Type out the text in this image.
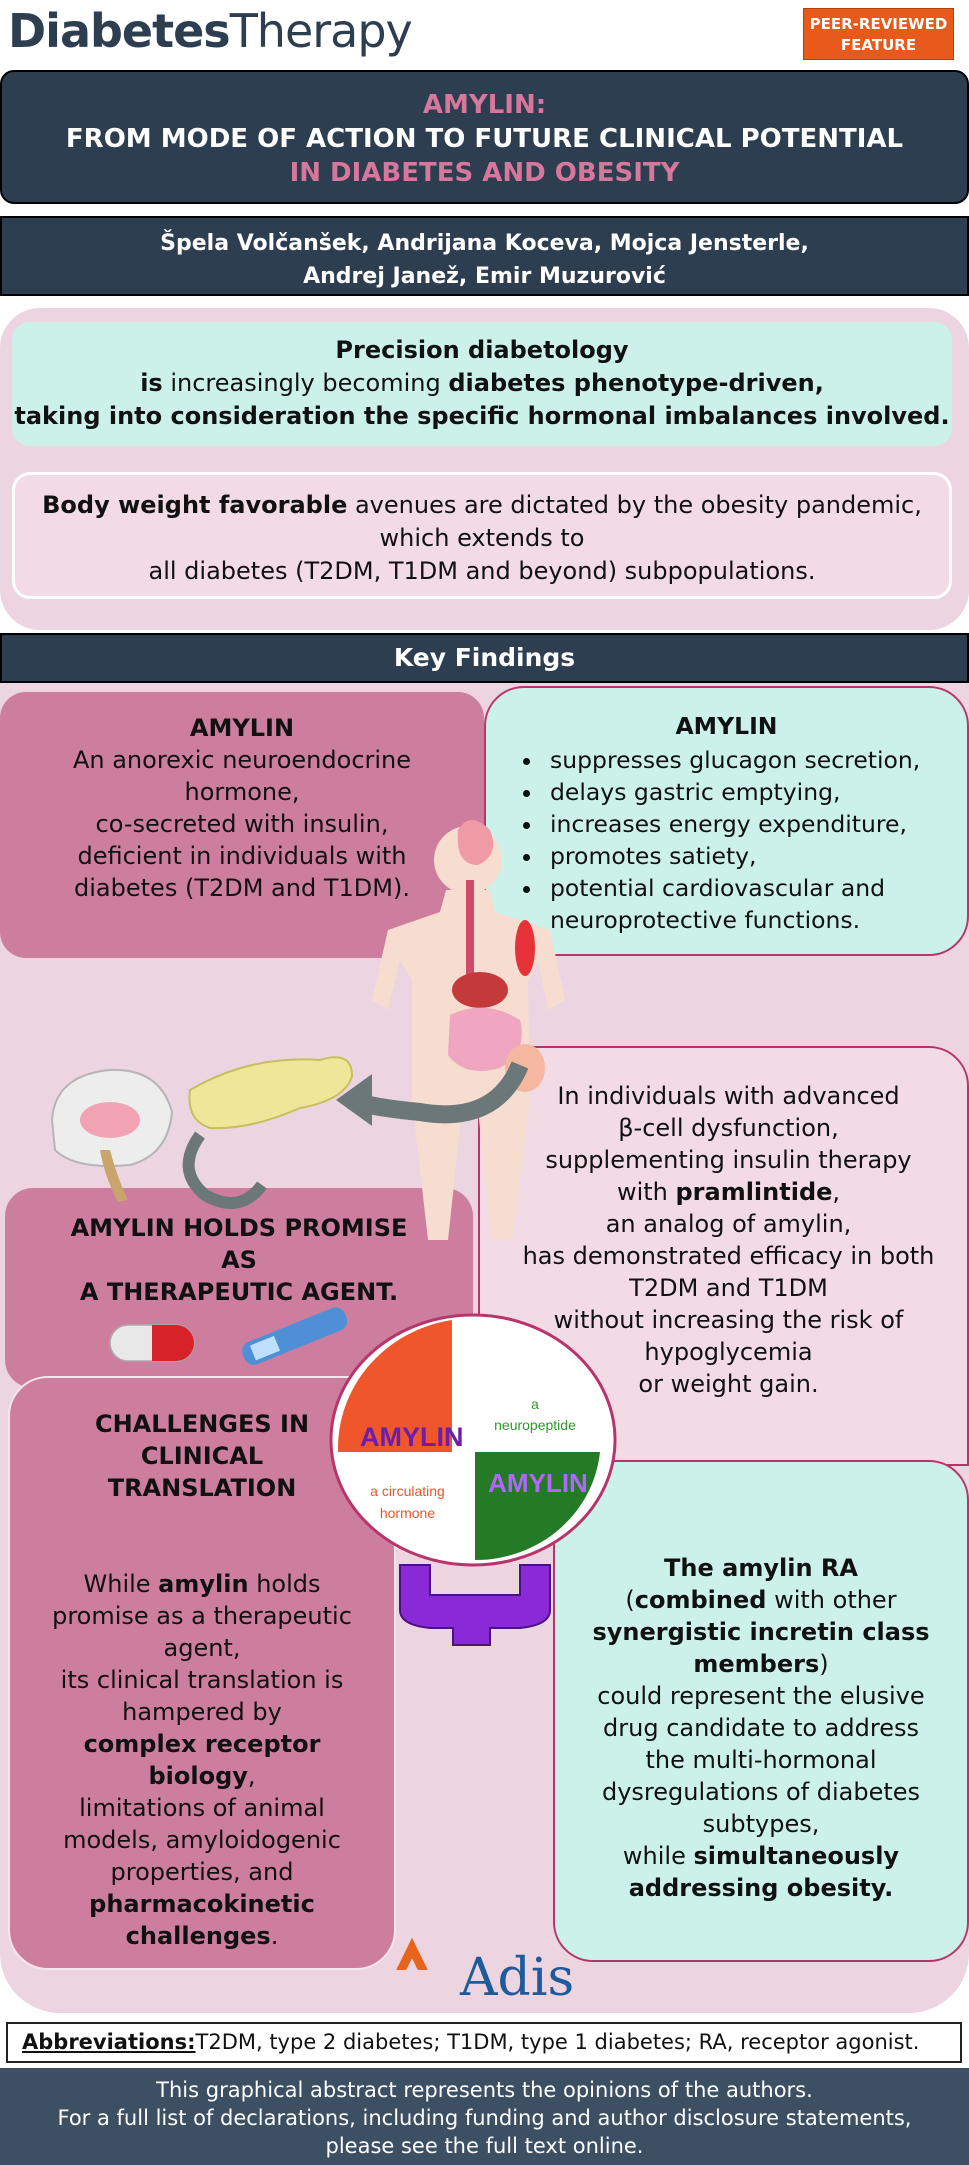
DiabetesTherapy	PEER-REVIEWED
FEATURE
AMYLIN:
FROM MODE OF ACTION TO FUTURE CLINICAL POTENTIAL
IN DIABETES AND OBESITY
Špela Volčanšek, Andrijana Koceva, Mojca Jensterle,
Andrej Janež, Emir Muzurović
Precision diabetology
is increasingly becoming diabetes phenotype-driven,
taking into consideration the specific hormonal imbalances involved.
Body weight favorable avenues are dictated by the obesity pandemic,
which extends to
all diabetes (T2DM, T1DM and beyond) subpopulations.
Key Findings
AMYLIN
An anorexic neuroendocrine
hormone,
co-secreted with insulin,
deficient in individuals with
diabetes (T2DM and T1DM).
AMYLIN
• suppresses glucagon secretion,
• delays gastric emptying,
• increases energy expenditure,
• promotes satiety,
• potential cardiovascular and neuroprotective functions.
In individuals with advanced
β-cell dysfunction,
supplementing insulin therapy
with pramlintide,
an analog of amylin,
has demonstrated efficacy in both
T2DM and T1DM
without increasing the risk of
hypoglycemia
or weight gain.
AMYLIN HOLDS PROMISE
AS
A THERAPEUTIC AGENT.
CHALLENGES IN
CLINICAL
TRANSLATION
While amylin holds
promise as a therapeutic
agent,
its clinical translation is
hampered by
complex receptor
biology,
limitations of animal
models, amyloidogenic
properties, and
pharmacokinetic
challenges.
The amylin RA
(combined with other
synergistic incretin class
members)
could represent the elusive
drug candidate to address
the multi-hormonal
dysregulations of diabetes
subtypes,
while simultaneously
addressing obesity.
AMYLIN
a
neuropeptide
a circulating
hormone
AMYLIN
Adis
Abbreviations:T2DM, type 2 diabetes; T1DM, type 1 diabetes; RA, receptor agonist.
This graphical abstract represents the opinions of the authors.
For a full list of declarations, including funding and author disclosure statements,
please see the full text online.
